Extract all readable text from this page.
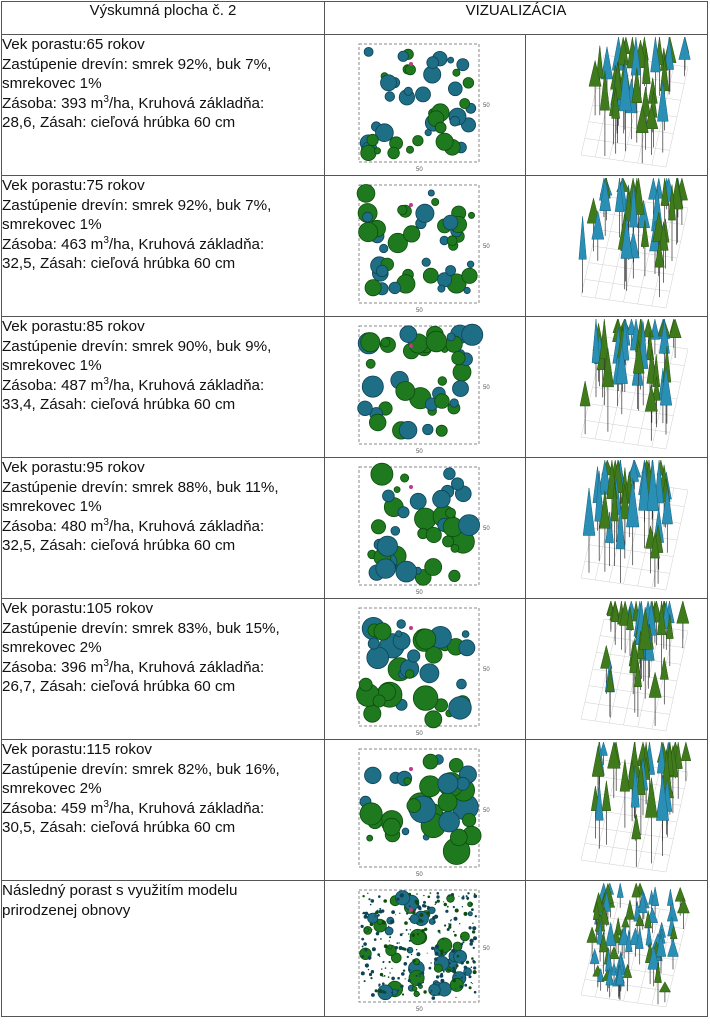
Výskumná plocha č. 2	VIZUALIZÁCIA	

Vek porastu:65 rokov
Zastúpenie drevín: smrek 92%, buk 7%,
smrekovec 1%
Zásoba: 393 $m^3/ha$, Kruhová základňa:
28,6, Zásah: cieľová hrúbka 60 cm	50
50

Vek porastu:75 rokov
Zastúpenie drevín: smrek 92%, buk 7%,
smrekovec 1%
Zásoba: 463 $m^3/ha$, Kruhová základňa:
32,5, Zásah: cieľová hrúbka 60 cm	50
50

Vek porastu:85 rokov
Zastúpenie drevín: smrek 90%, buk 9%,
smrekovec 1%
Zásoba: 487 $m^3/ha$, Kruhová základňa:
33,4, Zásah: cieľová hrúbka 60 cm	50
50

Vek porastu:95 rokov
Zastúpenie drevín: smrek 88%, buk 11%,
smrekovec 1%
Zásoba: 480 $m^3/ha$, Kruhová základňa:
32,5, Zásah: cieľová hrúbka 60 cm	50
50

Vek porastu:105 rokov
Zastúpenie drevín: smrek 83%, buk 15%,
smrekovec 2%
Zásoba: 396 $m^3/ha$, Kruhová základňa:
26,7, Zásah: cieľová hrúbka 60 cm	50
50

Vek porastu:115 rokov
Zastúpenie drevín: smrek 82%, buk 16%,
smrekovec 2%
Zásoba: 459 $m^3/ha$, Kruhová základňa:
30,5, Zásah: cieľová hrúbka 60 cm	50
50

Následný porast s využitím modelu
prirodzenej obnovy	50
50
